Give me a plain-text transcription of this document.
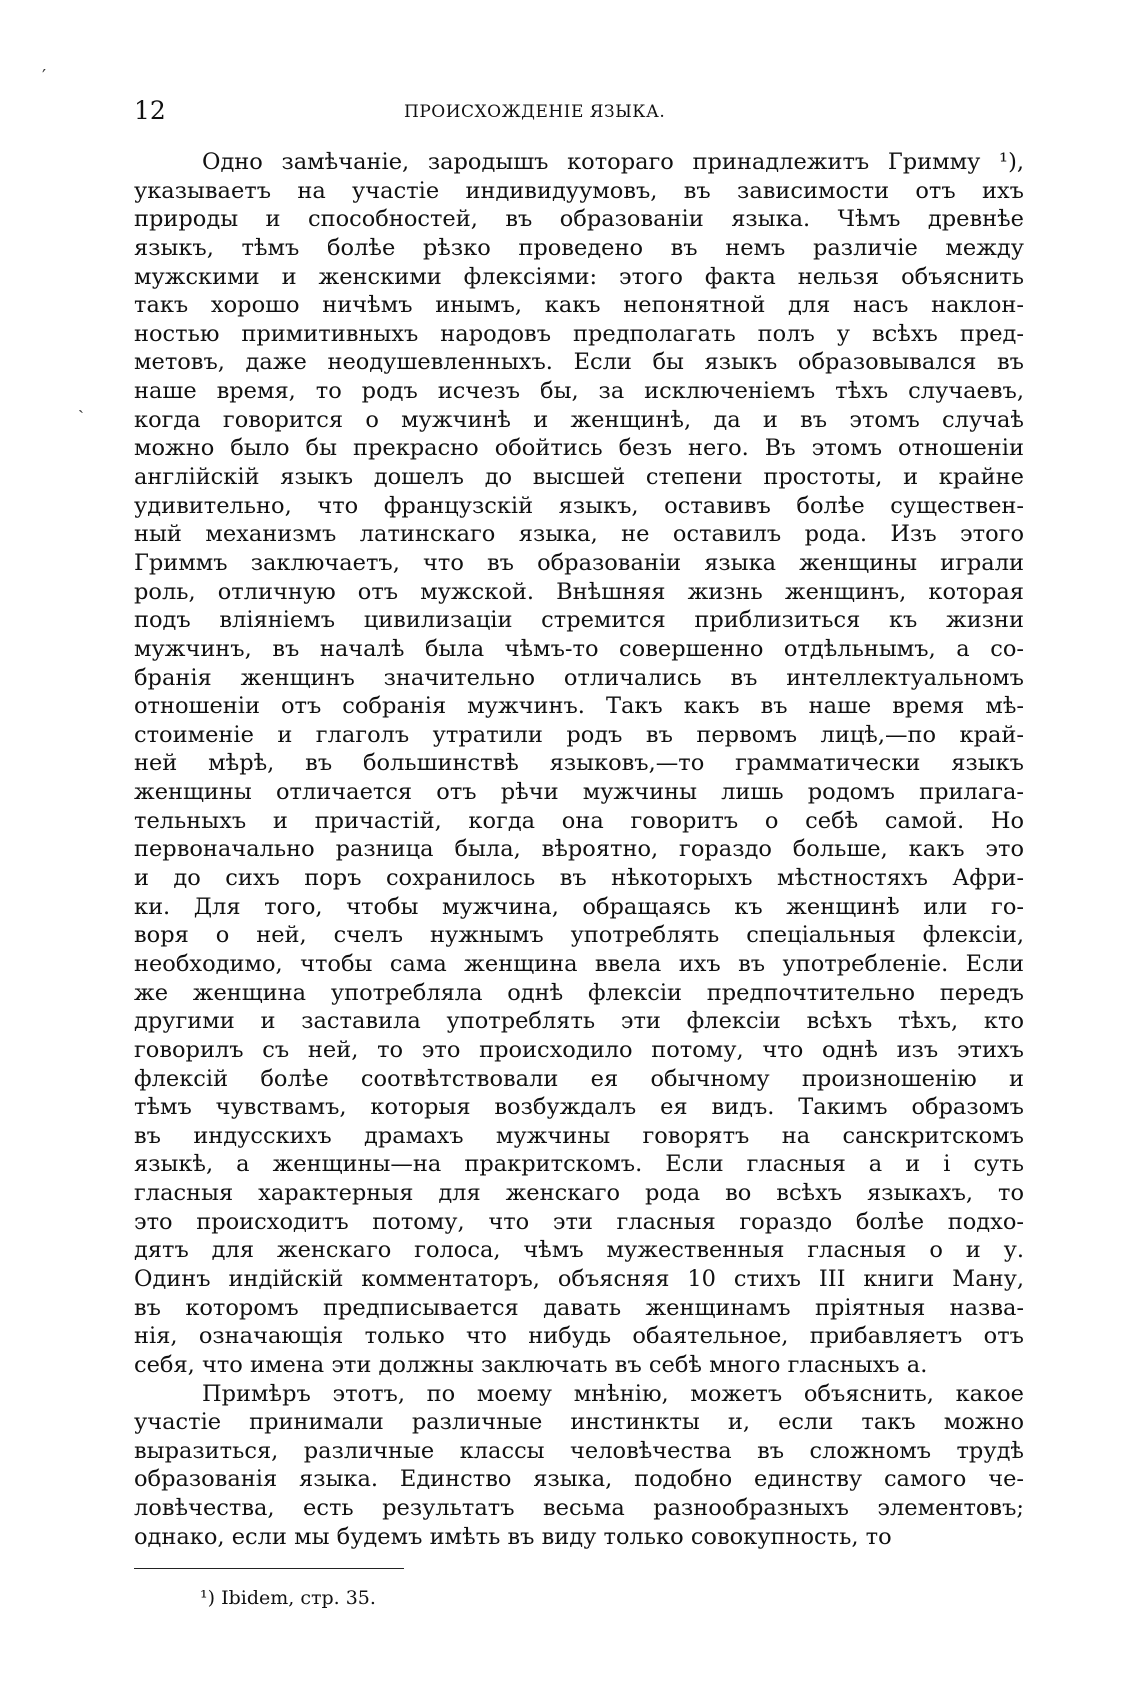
′
ˎ
12	ПРОИСХОЖДЕНІЕ ЯЗЫКА.
Одно замѣчаніе, зародышъ котораго принадлежитъ Гримму ¹),
указываетъ на участіе индивидуумовъ, въ зависимости отъ ихъ
природы и способностей, въ образованіи языка. Чѣмъ древнѣе
языкъ, тѣмъ болѣе рѣзко проведено въ немъ различіе между
мужскими и женскими флексіями: этого факта нельзя объяснить
такъ хорошо ничѣмъ инымъ, какъ непонятной для насъ наклон-
ностью примитивныхъ народовъ предполагать полъ у всѣхъ пред-
метовъ, даже неодушевленныхъ. Если бы языкъ образовывался въ
наше время, то родъ исчезъ бы, за исключеніемъ тѣхъ случаевъ,
когда говорится о мужчинѣ и женщинѣ, да и въ этомъ случаѣ
можно было бы прекрасно обойтись безъ него. Въ этомъ отношеніи
англійскій языкъ дошелъ до высшей степени простоты, и крайне
удивительно, что французскій языкъ, оставивъ болѣе существен-
ный механизмъ латинскаго языка, не оставилъ рода. Изъ этого
Гриммъ заключаетъ, что въ образованіи языка женщины играли
роль, отличную отъ мужской. Внѣшняя жизнь женщинъ, которая
подъ вліяніемъ цивилизаціи стремится приблизиться къ жизни
мужчинъ, въ началѣ была чѣмъ-то совершенно отдѣльнымъ, а со-
бранія женщинъ значительно отличались въ интеллектуальномъ
отношеніи отъ собранія мужчинъ. Такъ какъ въ наше время мѣ-
стоименіе и глаголъ утратили родъ въ первомъ лицѣ,—по край-
ней мѣрѣ, въ большинствѣ языковъ,—то грамматически языкъ
женщины отличается отъ рѣчи мужчины лишь родомъ прилага-
тельныхъ и причастій, когда она говоритъ о себѣ самой. Но
первоначально разница была, вѣроятно, гораздо больше, какъ это
и до сихъ поръ сохранилось въ нѣкоторыхъ мѣстностяхъ Афри-
ки. Для того, чтобы мужчина, обращаясь къ женщинѣ или го-
воря о ней, счелъ нужнымъ употреблять спеціальныя флексіи,
необходимо, чтобы сама женщина ввела ихъ въ употребленіе. Если
же женщина употребляла однѣ флексіи предпочтительно передъ
другими и заставила употреблять эти флексіи всѣхъ тѣхъ, кто
говорилъ съ ней, то это происходило потому, что однѣ изъ этихъ
флексій болѣе соотвѣтствовали ея обычному произношенію и
тѣмъ чувствамъ, которыя возбуждалъ ея видъ. Такимъ образомъ
въ индусскихъ драмахъ мужчины говорятъ на санскритскомъ
языкѣ, а женщины—на пракритскомъ. Если гласныя а и і суть
гласныя характерныя для женскаго рода во всѣхъ языкахъ, то
это происходитъ потому, что эти гласныя гораздо болѣе подхо-
дятъ для женскаго голоса, чѣмъ мужественныя гласныя о и у.
Одинъ индійскій комментаторъ, объясняя 10 стихъ III книги Ману,
въ которомъ предписывается давать женщинамъ пріятныя назва-
нія, означающія только что нибудь обаятельное, прибавляетъ отъ
себя, что имена эти должны заключать въ себѣ много гласныхъ а.
Примѣръ этотъ, по моему мнѣнію, можетъ объяснить, какое
участіе принимали различные инстинкты и, если такъ можно
выразиться, различные классы человѣчества въ сложномъ трудѣ
образованія языка. Единство языка, подобно единству самого че-
ловѣчества, есть результатъ весьма разнообразныхъ элементовъ;
однако, если мы будемъ имѣть въ виду только совокупность, то
¹) Ibidem, стр. 35.
